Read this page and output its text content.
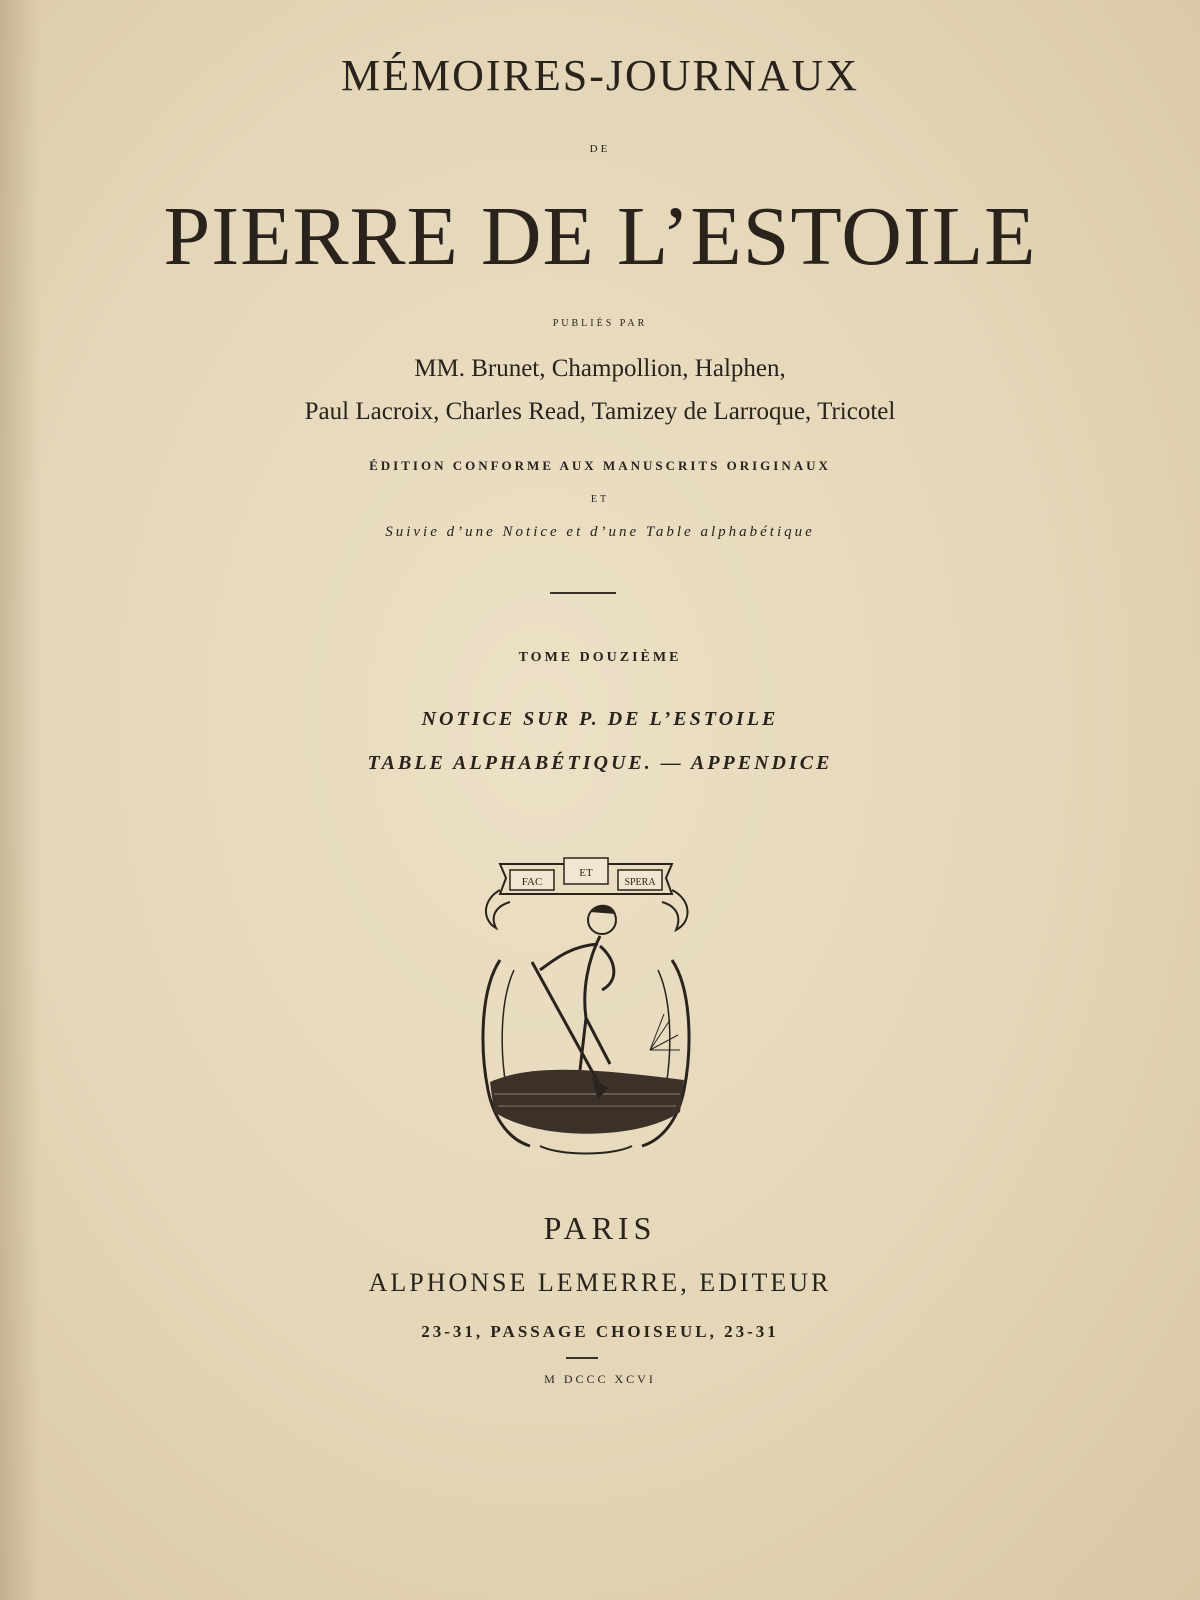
MÉMOIRES-JOURNAUX
DE
PIERRE DE L’ESTOILE
PUBLIÉS PAR
MM. Brunet, Champollion, Halphen,
Paul Lacroix, Charles Read, Tamizey de Larroque, Tricotel
ÉDITION CONFORME AUX MANUSCRITS ORIGINAUX
ET
Suivie d’une Notice et d’une Table alphabétique
TOME DOUZIÈME
NOTICE SUR P. DE L’ESTOILE
TABLE ALPHABÉTIQUE. — APPENDICE
FAC
ET
SPERA
PARIS
ALPHONSE LEMERRE, EDITEUR
23-31, PASSAGE CHOISEUL, 23-31
M DCCC XCVI
